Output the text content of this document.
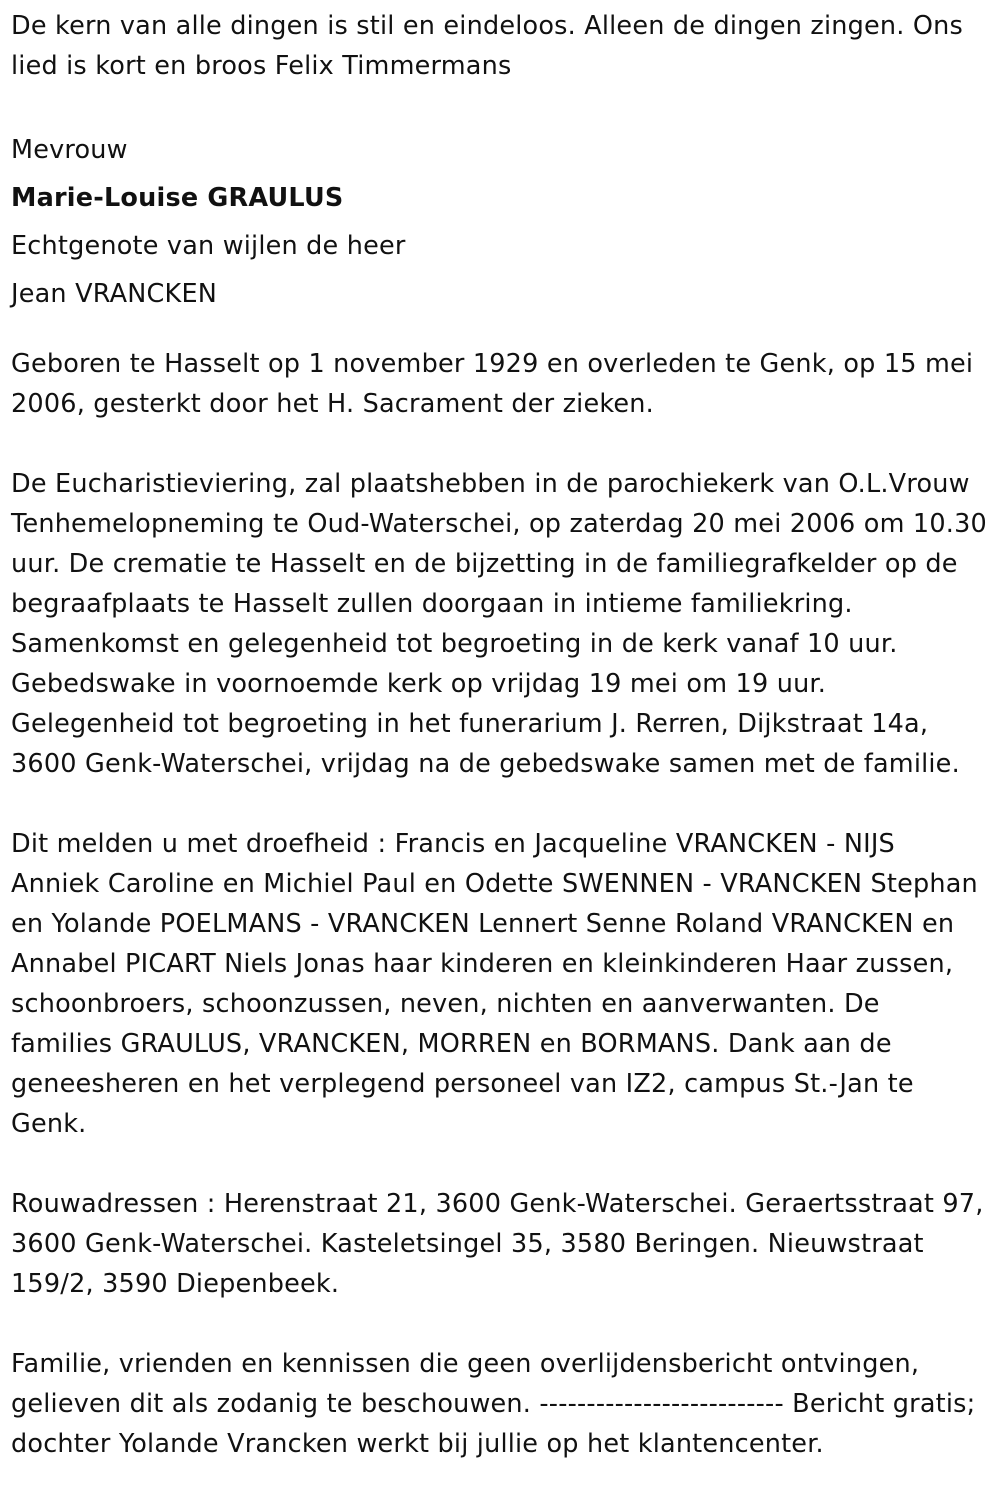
De kern van alle dingen is stil en eindeloos. Alleen de dingen zingen. Ons lied is kort en broos Felix Timmermans

Mevrouw

Marie-Louise GRAULUS

Echtgenote van wijlen de heer

Jean VRANCKEN

Geboren te Hasselt op 1 november 1929 en overleden te Genk, op 15 mei 2006, gesterkt door het H. Sacrament der zieken.

De Eucharistieviering, zal plaatshebben in de parochiekerk van O.L.Vrouw Tenhemelopneming te Oud-Waterschei, op zaterdag 20 mei 2006 om 10.30 uur. De crematie te Hasselt en de bijzetting in de familiegrafkelder op de begraafplaats te Hasselt zullen doorgaan in intieme familiekring. Samenkomst en gelegenheid tot begroeting in de kerk vanaf 10 uur. Gebedswake in voornoemde kerk op vrijdag 19 mei om 19 uur. Gelegenheid tot begroeting in het funerarium J. Rerren, Dijkstraat 14a, 3600 Genk-Waterschei, vrijdag na de gebedswake samen met de familie.

Dit melden u met droefheid : Francis en Jacqueline VRANCKEN - NIJS Anniek Caroline en Michiel Paul en Odette SWENNEN - VRANCKEN Stephan en Yolande POELMANS - VRANCKEN Lennert Senne Roland VRANCKEN en Annabel PICART Niels Jonas haar kinderen en kleinkinderen Haar zussen, schoonbroers, schoonzussen, neven, nichten en aanverwanten. De families GRAULUS, VRANCKEN, MORREN en BORMANS. Dank aan de geneesheren en het verplegend personeel van IZ2, campus St.-Jan te Genk.

Rouwadressen : Herenstraat 21, 3600 Genk-Waterschei. Geraertsstraat 97, 3600 Genk-Waterschei. Kasteletsingel 35, 3580 Beringen. Nieuwstraat 159/2, 3590 Diepenbeek.

Familie, vrienden en kennissen die geen overlijdensbericht ontvingen, gelieven dit als zodanig te beschouwen. -------------------------- Bericht gratis; dochter Yolande Vrancken werkt bij jullie op het klantencenter.
